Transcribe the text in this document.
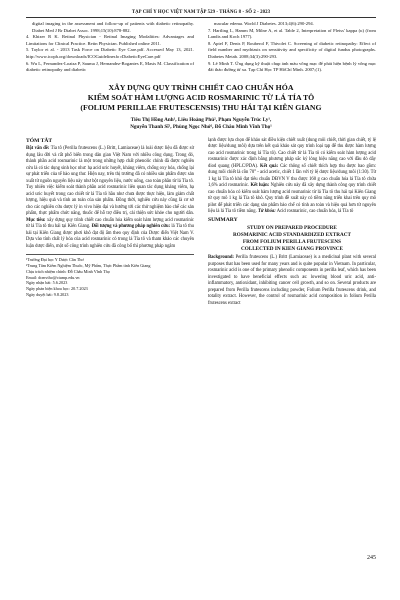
TẠP CHÍ Y HỌC VIỆT NAM TẬP 529 - THÁNG 8 - SỐ 2 - 2023

digital imaging in the assessment and follow-up of patients with diabetic retinopathy. Diabet Med J Br Diabet Assoc. 1998;15(10):878-882.

4. Khizer R K. Retinal Physician - Retinal Imaging Modalities: Advantages and Limitations for Clinical Practice. Retin Physician. Published online 2011.

5. Taylor et al. - 2013 Task Force on Diabetic Eye Care.pdf. Accessed May 13, 2021. http://www.icoph.org/downloads/ICOGuidelinesfo rDiabeticEyeCare.pdf

6. Wu L, Fernandez-Loaiza P, Sauma J, Hernandez-Bogantes E, Masis M. Classification of diabetic retinopathy and diabetic

macular edema. World J Diabetes. 2013;4(6):290-294.

7. Hartling L, Hamm M, Milne A, et al. Table 2, Interpretation of Fleiss' kappa (κ) (from Landis and Koch 1977).

8. Aptel F, Denis P, Rouberol F, Thivolet C. Screening of diabetic retinopathy: Effect of field number and mydriasis on sensitivity and specificity of digital fundus photographs. Diabetes Metab. 2008;34(3):290-293.

9. Lê Minh T. Ứng dụng kỹ thuật chụp ảnh màu võng mạc để phát hiện bệnh lý võng mạc đái tháo đường từ xa. Tạp Chí Học TP HồChí Minh. 2007;(1).

XÂY DỰNG QUY TRÌNH CHIẾT CAO CHUẨN HÓA
KIỂM SOÁT HÀM LƯỢNG ACID ROSMARINIC TỪ LÁ TÍA TÔ
(FOLIUM PERILLAE FRUTESCENSIS) THU HÁI TẠI KIÊN GIANG
Tiêu Thị Hồng Anh¹, Liêu Hoàng Phú², Phạm Nguyễn Trúc Ly¹,
Nguyễn Thanh Sĩ¹, Phùng Ngọc Nhớ², Đỗ Châu Minh Vĩnh Thọ¹
TÓM TẮT

Đặt vấn đề: Tía tô (Perilla frutescens (L.) Britt, Lamiaceae) là loài dược liệu đã được sử dụng lâu đời và rất phổ biến trong dân gian Việt Nam với nhiều công dụng. Trong đó, thành phần acid rosmarinic là một trong những hợp chất phenolic chính đã được nghiên cứu là có tác dụng sinh học như: hạ acid uric huyết, kháng viêm, chống oxy hóa, chống lại sự phát triển của tế bào ung thư. Hiện nay, trên thị trường đã có nhiều sản phẩm được sản xuất từ nguồn nguyên liệu này như bột nguyên liệu, nước uống, cao toàn phần từ lá Tía tô. Tuy nhiên việc kiểm soát thành phần acid rosmarinic liên quan tác dụng kháng viêm, hạ acid uric huyết trong cao chiết từ lá Tía tô hầu như chưa được thực hiện, làm giảm chất lượng, hiệu quả và tính an toàn của sản phẩm. Đồng thời, nghiên cứu này cũng là cơ sở cho các nghiên cứu dược lý in vivo hiện đại và hướng tới các thử nghiệm bào chế các sản phẩm, thực phẩm chức năng, thuốc để hỗ trợ điều trị, cải thiện sức khỏe cho người dân. Mục tiêu: xây dựng quy trình chiết cao chuẩn hóa kiểm soát hàm lượng acid rosmarinic từ lá Tía tô thu hái tại Kiên Giang. Đối tượng và phương pháp nghiên cứu: lá Tía tô thu hái tại Kiên Giang được phơi khô đạt độ ẩm theo quy định của Dược điển Việt Nam V. Dựa vào tính chất lý hóa của acid rosmarinic có trong lá Tía tô và tham khảo các chuyên luận dược điển, một số công trình nghiên cứu đã công bố thì phương pháp ngâm

¹Trường Đại học Y Dược Cần Thơ
²Trung Tâm Kiểm Nghiệm Thuốc, Mỹ Phẩm, Thực Phẩm tỉnh Kiên Giang
Chịu trách nhiệm chính: Đỗ Châu Minh Vĩnh Thọ
Email: dcmvtho@ctump.edu.vn
Ngày nhận bài: 5.6.2023
Ngày phản biện khoa học: 20.7.2023
Ngày duyệt bài: 9.8.2023

lạnh được lựa chọn để khảo sát điều kiện chiết xuất (dung môi chiết, thời gian chiết, tỷ lệ dược liệu/dung môi) dựa trên kết quả khảo sát quy trình loại tạp để thu được hàm lượng cao acid rosmarinic trong lá Tía tô). Cao chiết từ lá Tía tô có kiểm soát hàm lượng acid rosmarinic được xác định bằng phương pháp sắc ký lỏng hiệu năng cao với đầu dò dãy diod quang (HPLC/PDA). Kết quả: Các thông số chiết thích hợp thu được bao gồm: dung môi chiết là cồn 70° - acid acetic, chiết 1 lần với tỷ lệ dược liệu/dung môi (1:30). Từ 1 kg lá Tía tô khô đạt tiêu chuẩn DĐVN V thu được 160 g cao chuẩn hóa lá Tía tô chứa 1,6% acid rosmarinic. Kết luận: Nghiên cứu này đã xây dựng thành công quy trình chiết cao chuẩn hóa có kiểm soát hàm lượng acid rosmarinic từ lá Tía tô thu hái tại Kiên Giang từ quy mô 1 kg lá Tía tô khô. Quy trình đề xuất này có tiềm năng triển khai trên quy mô pilot để phát triển các dạng sản phẩm bào chế có tính an toàn và hiệu quả hơn từ nguyên liệu là lá Tía tô tiềm năng. Từ khóa: Acid rosmarinic, cao chuẩn hóa, lá Tía tô

SUMMARY
STUDY ON PREPARED PROCEDURE
ROSMARINIC ACID STANDARDIZED EXTRACT
FROM FOLIUM PERILLA FRUTESCENS
COLLECTED IN KIEN GIANG PROVINCE

Background: Perilla frutescens (L.) Britt (Lamiaceae) is a medicinal plant with several purposes that has been used for many years and is quite popular in Vietnam. In particular, rosmarinic acid is one of the primary phenolic components in perilla leaf, which has been investigated to have beneficial effects such as: lowering blood uric acid, anti-inflammatory, antioxidant, inhibiting cancer cell growth, and so on. Several products are prepared from Perilla frutescens including powder, Folium Perilla frutescens drink, and totality extract. However, the control of rosmarinic acid composition in folium Perilla frutescens extract

245
